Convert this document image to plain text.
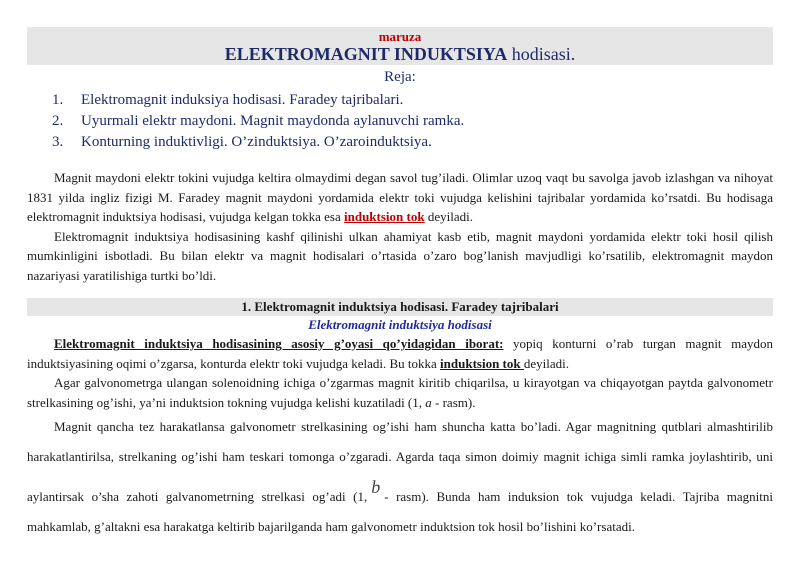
maruza
ELEKTROMAGNIT INDUKTSIYA hodisasi.
Reja:
1. Elektromagnit induksiya hodisasi. Faradey tajribalari.
2. Uyurmali elektr maydoni. Magnit maydonda aylanuvchi ramka.
3. Konturning induktivligi. O’zinduktsiya. O’zaroinduktsiya.

Magnit maydoni elektr tokini vujudga keltira olmaydimi degan savol tug’iladi. Olimlar uzoq vaqt bu savolga javob izlashgan va nihoyat 1831 yilda ingliz fizigi M. Faradey magnit maydoni yordamida elektr toki vujudga kelishini tajribalar yordamida ko’rsatdi. Bu hodisaga elektromagnit induktsiya hodisasi, vujudga kelgan tokka esa induktsion tok deyiladi.

Elektromagnit induktsiya hodisasining kashf qilinishi ulkan ahamiyat kasb etib, magnit maydoni yordamida elektr toki hosil qilish mumkinligini isbotladi. Bu bilan elektr va magnit hodisalari o’rtasida o’zaro bog’lanish mavjudligi ko’rsatilib, elektromagnit maydon nazariyasi yaratilishiga turtki bo’ldi.

1. Elektromagnit induktsiya hodisasi. Faradey tajribalari
Elektromagnit induktsiya hodisasi

Elektromagnit induktsiya hodisasining asosiy g’oyasi qo’yidagidan iborat: yopiq konturni o’rab turgan magnit maydon induktsiyasining oqimi o’zgarsa, konturda elektr toki vujudga keladi. Bu tokka induktsion tok deyiladi.

Agar galvonometrga ulangan solenoidning ichiga o’zgarmas magnit kiritib chiqarilsa, u kirayotgan va chiqayotgan paytda galvonometr strelkasining og’ishi, ya’ni induktsion tokning vujudga kelishi kuzatiladi (1, a - rasm).

Magnit qancha tez harakatlansa galvonometr strelkasining og’ishi ham shuncha katta bo’ladi. Agar magnitning qutblari almashtirilib harakatlantirilsa, strelkaning og’ishi ham teskari tomonga o’zgaradi. Agarda taqa simon doimiy magnit ichiga simli ramka joylashtirib, uni aylantirsak o’sha zahoti galvanometrning strelkasi og’adi (1, b - rasm). Bunda ham induksion tok vujudga keladi. Tajriba magnitni mahkamlab, g’altakni esa harakatga keltirib bajarilganda ham galvonometr induktsion tok hosil bo’lishini ko’rsatadi.
